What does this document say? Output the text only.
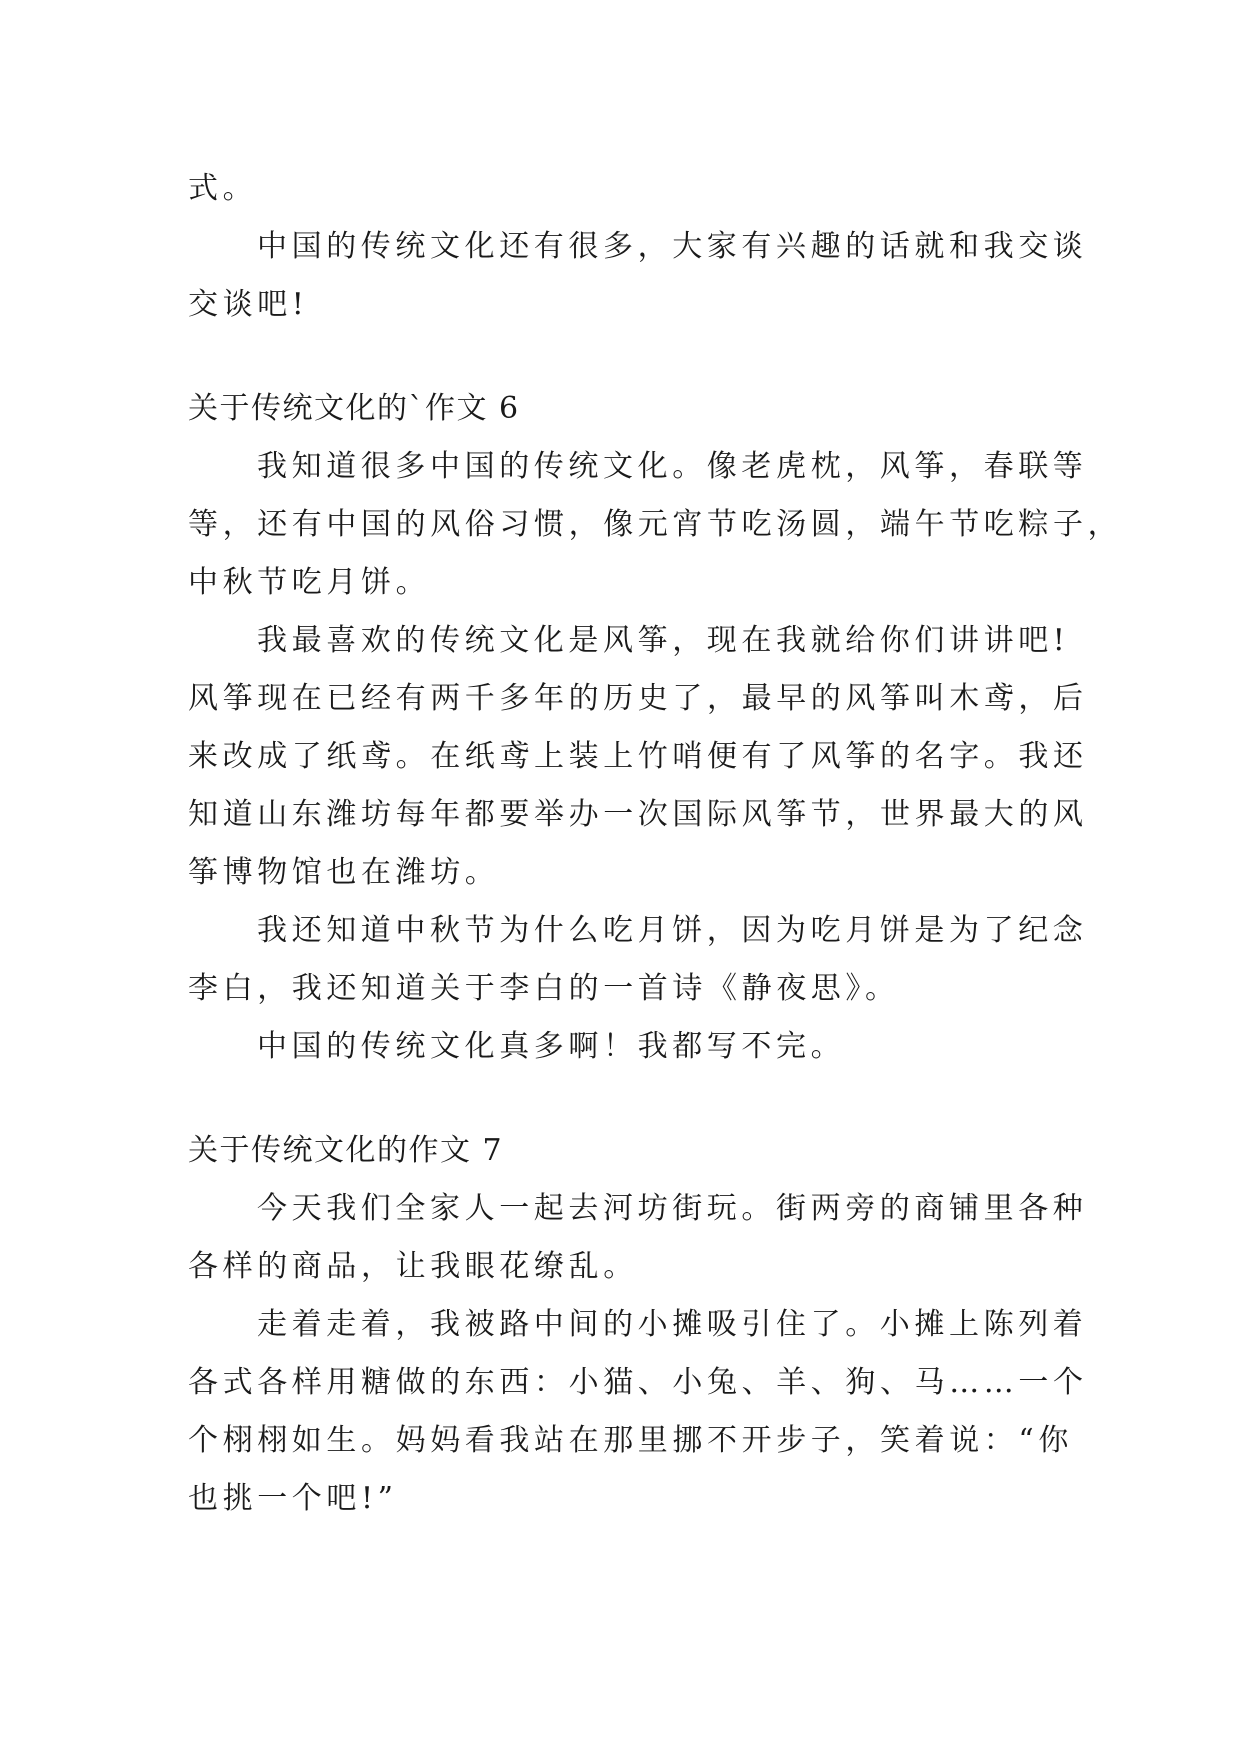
式。
中国的传统文化还有很多，大家有兴趣的话就和我交谈
交谈吧!
关于传统文化的`作文 6
我知道很多中国的传统文化。像老虎枕，风筝，春联等
等，还有中国的风俗习惯，像元宵节吃汤圆，端午节吃粽子，
中秋节吃月饼。
我最喜欢的传统文化是风筝，现在我就给你们讲讲吧!
风筝现在已经有两千多年的历史了，最早的风筝叫木鸢，后
来改成了纸鸢。在纸鸢上装上竹哨便有了风筝的名字。我还
知道山东潍坊每年都要举办一次国际风筝节，世界最大的风
筝博物馆也在潍坊。
我还知道中秋节为什么吃月饼，因为吃月饼是为了纪念
李白，我还知道关于李白的一首诗《静夜思》。
中国的传统文化真多啊！我都写不完。
关于传统文化的作文 7
今天我们全家人一起去河坊街玩。街两旁的商铺里各种
各样的商品，让我眼花缭乱。
走着走着，我被路中间的小摊吸引住了。小摊上陈列着
各式各样用糖做的东西：小猫、小兔、羊、狗、马……一个
个栩栩如生。妈妈看我站在那里挪不开步子，笑着说：“你
也挑一个吧!”
